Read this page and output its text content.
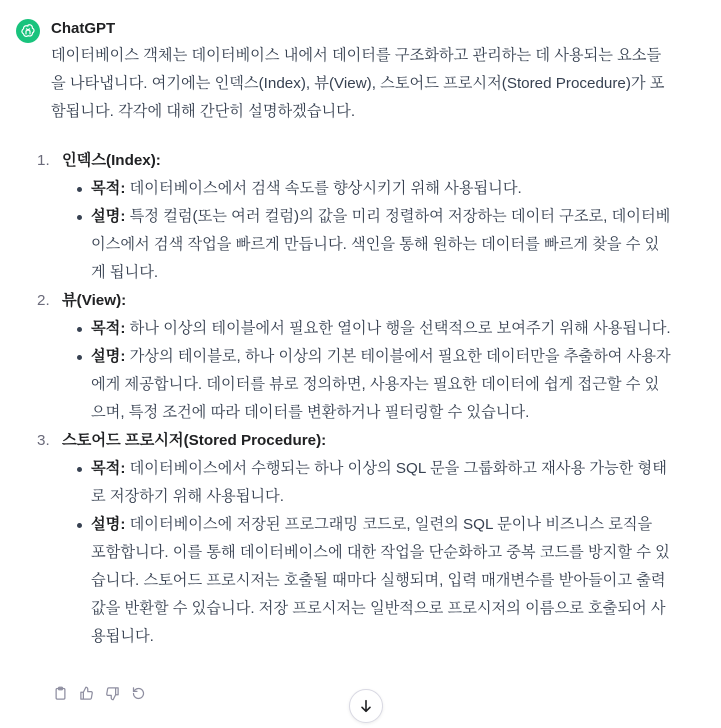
ChatGPT

데이터베이스 객체는 데이터베이스 내에서 데이터를 구조화하고 관리하는 데 사용되는 요소들을 나타냅니다. 여기에는 인덱스(Index), 뷰(View), 스토어드 프로시저(Stored Procedure)가 포함됩니다. 각각에 대해 간단히 설명하겠습니다.

1. 인덱스(Index):
목적: 데이터베이스에서 검색 속도를 향상시키기 위해 사용됩니다.
설명: 특정 컬럼(또는 여러 컬럼)의 값을 미리 정렬하여 저장하는 데이터 구조로, 데이터베이스에서 검색 작업을 빠르게 만듭니다. 색인을 통해 원하는 데이터를 빠르게 찾을 수 있게 됩니다.
2. 뷰(View):
목적: 하나 이상의 테이블에서 필요한 열이나 행을 선택적으로 보여주기 위해 사용됩니다.
설명: 가상의 테이블로, 하나 이상의 기본 테이블에서 필요한 데이터만을 추출하여 사용자에게 제공합니다. 데이터를 뷰로 정의하면, 사용자는 필요한 데이터에 쉽게 접근할 수 있으며, 특정 조건에 따라 데이터를 변환하거나 필터링할 수 있습니다.
3. 스토어드 프로시저(Stored Procedure):
목적: 데이터베이스에서 수행되는 하나 이상의 SQL 문을 그룹화하고 재사용 가능한 형태로 저장하기 위해 사용됩니다.
설명: 데이터베이스에 저장된 프로그래밍 코드로, 일련의 SQL 문이나 비즈니스 로직을 포함합니다. 이를 통해 데이터베이스에 대한 작업을 단순화하고 중복 코드를 방지할 수 있습니다. 스토어드 프로시저는 호출될 때마다 실행되며, 입력 매개변수를 받아들이고 출력 값을 반환할 수 있습니다. 저장 프로시저는 일반적으로 프로시저의 이름으로 호출되어 사용됩니다.
